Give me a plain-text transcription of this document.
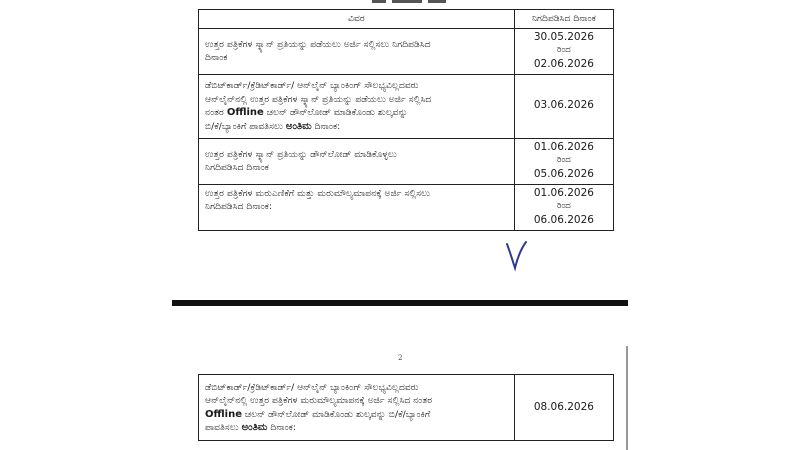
ವಿವರ	ನಿಗದಿಪಡಿಸಿದ ದಿನಾಂಕ

ಉತ್ತರ ಪತ್ರಿಕೆಗಳ ಸ್ಕ್ಯಾನ್ ಪ್ರತಿಯನ್ನು ಪಡೆಯಲು ಅರ್ಜಿ ಸಲ್ಲಿಸಲು ನಿಗದಿಪಡಿಸಿದ
ದಿನಾಂಕ	30.05.2026
ರಿಂದ
02.06.2026

ಡೆಬಿಟ್‌ಕಾರ್ಡ್/ಕ್ರೆಡಿಟ್‌ಕಾರ್ಡ್/ ಆನ್‌ಲೈನ್ ಬ್ಯಾಂಕಿಂಗ್ ಸೌಲಭ್ಯವಿಲ್ಲದವರು
ಆನ್‌ಲೈನ್‌ನಲ್ಲಿ ಉತ್ತರ ಪತ್ರಿಕೆಗಳ ಸ್ಕ್ಯಾನ್ ಪ್ರತಿಯನ್ನು ಪಡೆಯಲು ಅರ್ಜಿ ಸಲ್ಲಿಸಿದ
ನಂತರ Offline ಚಲನ್ ಡೌನ್‌ಲೋಡ್ ಮಾಡಿಕೊಂಡು ಶುಲ್ಕವನ್ನು
ಬಿ/ಕೆ/ಬ್ಯಾಂಕಿಗೆ ಪಾವತಿಸಲು ಅಂತಿಮ ದಿನಾಂಕ:	03.06.2026

ಉತ್ತರ ಪತ್ರಿಕೆಗಳ ಸ್ಕ್ಯಾನ್ ಪ್ರತಿಯನ್ನು ಡೌನ್‌ಲೋಡ್ ಮಾಡಿಕೊಳ್ಳಲು
ನಿಗದಿಪಡಿಸಿದ ದಿನಾಂಕ	01.06.2026
ರಿಂದ
05.06.2026

ಉತ್ತರ ಪತ್ರಿಕೆಗಳ ಮರುಎಣಿಕೆಗೆ ಮತ್ತು ಮರುಮೌಲ್ಯಮಾಪನಕ್ಕೆ ಅರ್ಜಿ ಸಲ್ಲಿಸಲು
ನಿಗದಿಪಡಿಸಿದ ದಿನಾಂಕ:	01.06.2026
ರಿಂದ
06.06.2026
2
ಡೆಬಿಟ್‌ಕಾರ್ಡ್/ಕ್ರೆಡಿಟ್‌ಕಾರ್ಡ್/ ಆನ್‌ಲೈನ್ ಬ್ಯಾಂಕಿಂಗ್ ಸೌಲಭ್ಯವಿಲ್ಲದವರು
ಆನ್‌ಲೈನ್‌ನಲ್ಲಿ ಉತ್ತರ ಪತ್ರಿಕೆಗಳ ಮರುಮೌಲ್ಯಮಾಪನಕ್ಕೆ ಅರ್ಜಿ ಸಲ್ಲಿಸಿದ ನಂತರ
Offline ಚಲನ್ ಡೌನ್‌ಲೋಡ್ ಮಾಡಿಕೊಂಡು ಶುಲ್ಕವನ್ನು ಬಿ/ಕೆ/ಬ್ಯಾಂಕಿಗೆ
ಪಾವತಿಸಲು ಅಂತಿಮ ದಿನಾಂಕ:

08.06.2026
